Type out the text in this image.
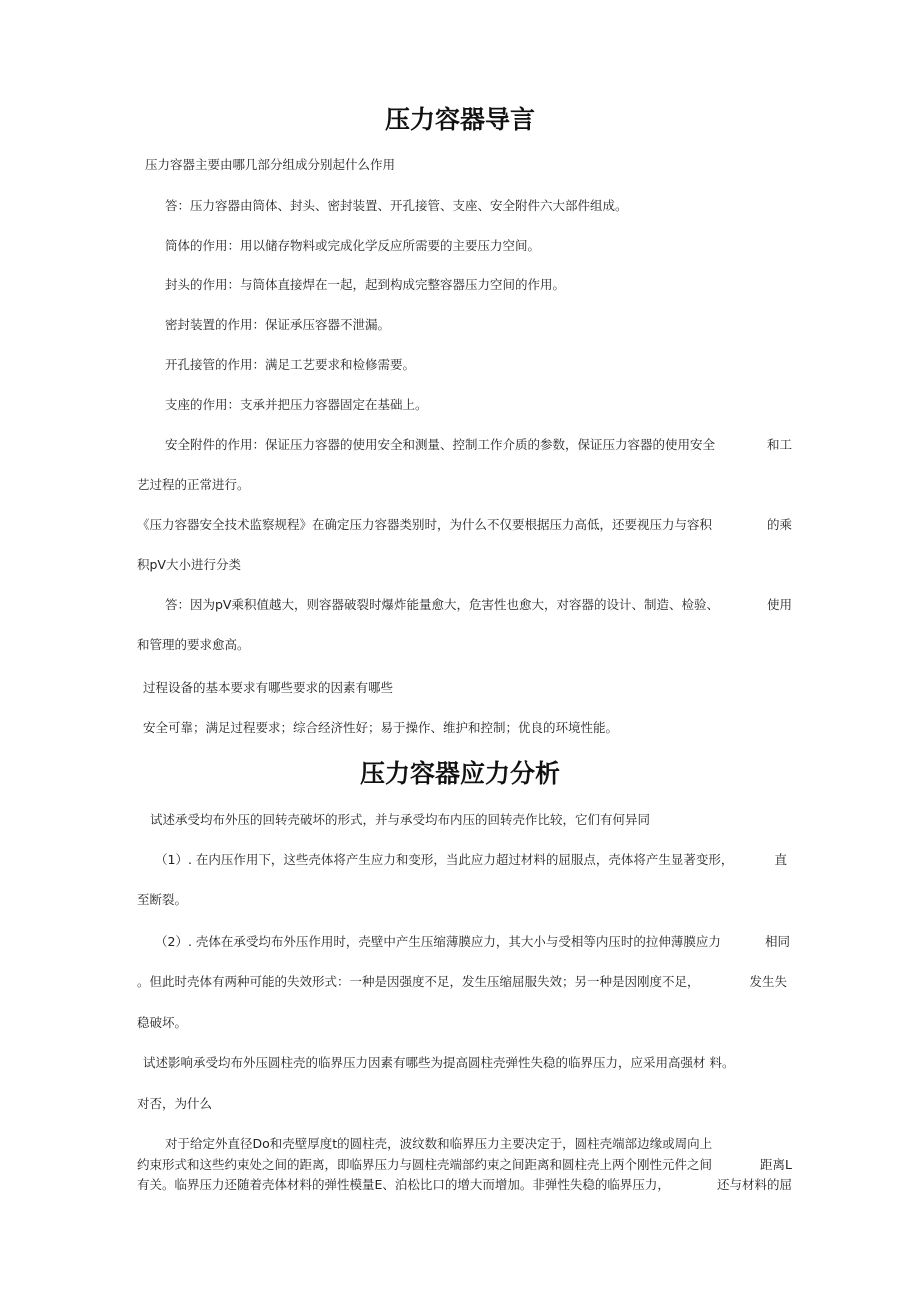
压力容器导言

压力容器主要由哪几部分组成分别起什么作用

答：压力容器由筒体、封头、密封装置、开孔接管、支座、安全附件六大部件组成。

筒体的作用：用以储存物料或完成化学反应所需要的主要压力空间。

封头的作用：与筒体直接焊在一起，起到构成完整容器压力空间的作用。

密封装置的作用：保证承压容器不泄漏。

开孔接管的作用：满足工艺要求和检修需要。

支座的作用：支承并把压力容器固定在基础上。

安全附件的作用：保证压力容器的使用安全和测量、控制工作介质的参数，保证压力容器的使用安全	和工

艺过程的正常进行。

《压力容器安全技术监察规程》在确定压力容器类别时，为什么不仅要根据压力高低，还要视压力与容积	的乘

积pV大小进行分类

答：因为pV乘积值越大，则容器破裂时爆炸能量愈大，危害性也愈大，对容器的设计、制造、检验、	使用

和管理的要求愈高。

过程设备的基本要求有哪些要求的因素有哪些

安全可靠；满足过程要求；综合经济性好；易于操作、维护和控制；优良的环境性能。

压力容器应力分析

试述承受均布外压的回转壳破坏的形式，并与承受均布内压的回转壳作比较，它们有何异同

（1）. 在内压作用下，这些壳体将产生应力和变形，当此应力超过材料的屈服点，壳体将产生显著变形，	直

至断裂。

（2）. 壳体在承受均布外压作用时，壳壁中产生压缩薄膜应力，其大小与受相等内压时的拉伸薄膜应力	相同
。但此时壳体有两种可能的失效形式：一种是因强度不足，发生压缩屈服失效；另一种是因刚度不足，	发生失

稳破坏。

试述影响承受均布外压圆柱壳的临界压力因素有哪些为提高圆柱壳弹性失稳的临界压力，应采用高强材 料。

对否，为什么

对于给定外直径Do和壳壁厚度t的圆柱壳，波纹数和临界压力主要决定于，圆柱壳端部边缘或周向上

约束形式和这些约束处之间的距离，即临界压力与圆柱壳端部约束之间距离和圆柱壳上两个刚性元件之间	距离L
有关。临界压力还随着壳体材料的弹性模量E、泊松比口的增大而增加。非弹性失稳的临界压力，	还与材料的屈
